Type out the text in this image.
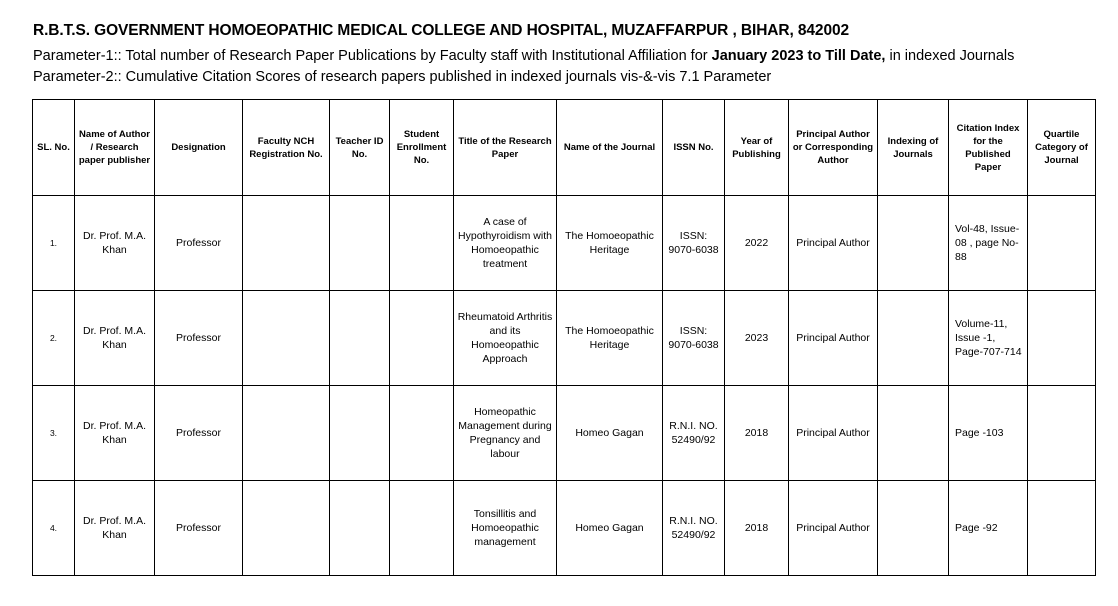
R.B.T.S. GOVERNMENT HOMOEOPATHIC MEDICAL COLLEGE AND HOSPITAL, MUZAFFARPUR , BIHAR, 842002
Parameter-1:: Total number of Research Paper Publications by Faculty staff with Institutional Affiliation for January 2023 to Till Date, in indexed Journals
Parameter-2:: Cumulative Citation Scores of research papers published in indexed journals vis-&-vis 7.1 Parameter
SL. No.	Name of Author / Research paper publisher	Designation	Faculty NCH Registration No.	Teacher ID No.	Student Enrollment No.	Title of the Research Paper	Name of the Journal	ISSN No.	Year of Publishing	Principal Author or Corresponding Author	Indexing of Journals	Citation Index for the Published Paper	Quartile Category of Journal
1.	Dr. Prof. M.A. Khan	Professor				A case of Hypothyroidism with Homoeopathic treatment	The Homoeopathic Heritage	ISSN: 9070-6038	2022	Principal Author		Vol-48, Issue-08 , page No-88	
2.	Dr. Prof. M.A. Khan	Professor				Rheumatoid Arthritis and its Homoeopathic Approach	The Homoeopathic Heritage	ISSN: 9070-6038	2023	Principal Author		Volume-11, Issue -1, Page-707-714	
3.	Dr. Prof. M.A. Khan	Professor				Homeopathic Management during Pregnancy and labour	Homeo Gagan	R.N.I. NO. 52490/92	2018	Principal Author		Page -103	
4.	Dr. Prof. M.A. Khan	Professor				Tonsillitis and Homoeopathic management	Homeo Gagan	R.N.I. NO. 52490/92	2018	Principal Author		Page -92	
